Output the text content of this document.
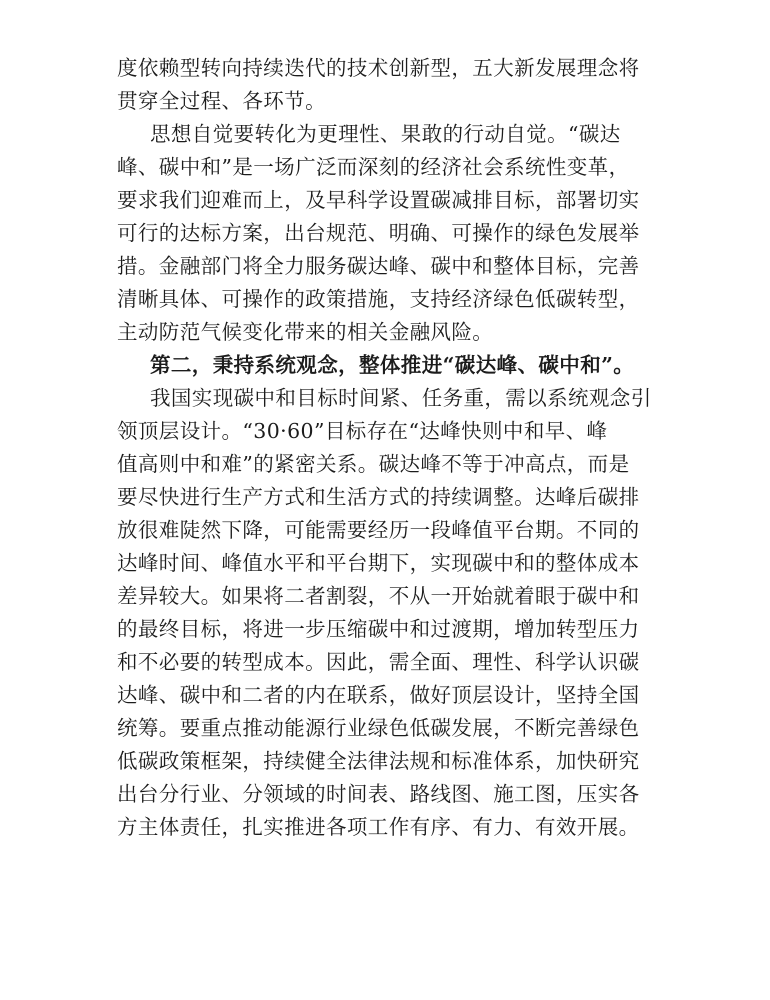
度依赖型转向持续迭代的技术创新型，五大新发展理念将
贯穿全过程、各环节。
思想自觉要转化为更理性、果敢的行动自觉。“碳达
峰、碳中和”是一场广泛而深刻的经济社会系统性变革，
要求我们迎难而上，及早科学设置碳减排目标，部署切实
可行的达标方案，出台规范、明确、可操作的绿色发展举
措。金融部门将全力服务碳达峰、碳中和整体目标，完善
清晰具体、可操作的政策措施，支持经济绿色低碳转型，
主动防范气候变化带来的相关金融风险。
第二，秉持系统观念，整体推进“碳达峰、碳中和”。
我国实现碳中和目标时间紧、任务重，需以系统观念引
领顶层设计。“30·60”目标存在“达峰快则中和早、峰
值高则中和难”的紧密关系。碳达峰不等于冲高点，而是
要尽快进行生产方式和生活方式的持续调整。达峰后碳排
放很难陡然下降，可能需要经历一段峰值平台期。不同的
达峰时间、峰值水平和平台期下，实现碳中和的整体成本
差异较大。如果将二者割裂，不从一开始就着眼于碳中和
的最终目标，将进一步压缩碳中和过渡期，增加转型压力
和不必要的转型成本。因此，需全面、理性、科学认识碳
达峰、碳中和二者的内在联系，做好顶层设计，坚持全国
统筹。要重点推动能源行业绿色低碳发展，不断完善绿色
低碳政策框架，持续健全法律法规和标准体系，加快研究
出台分行业、分领域的时间表、路线图、施工图，压实各
方主体责任，扎实推进各项工作有序、有力、有效开展。
